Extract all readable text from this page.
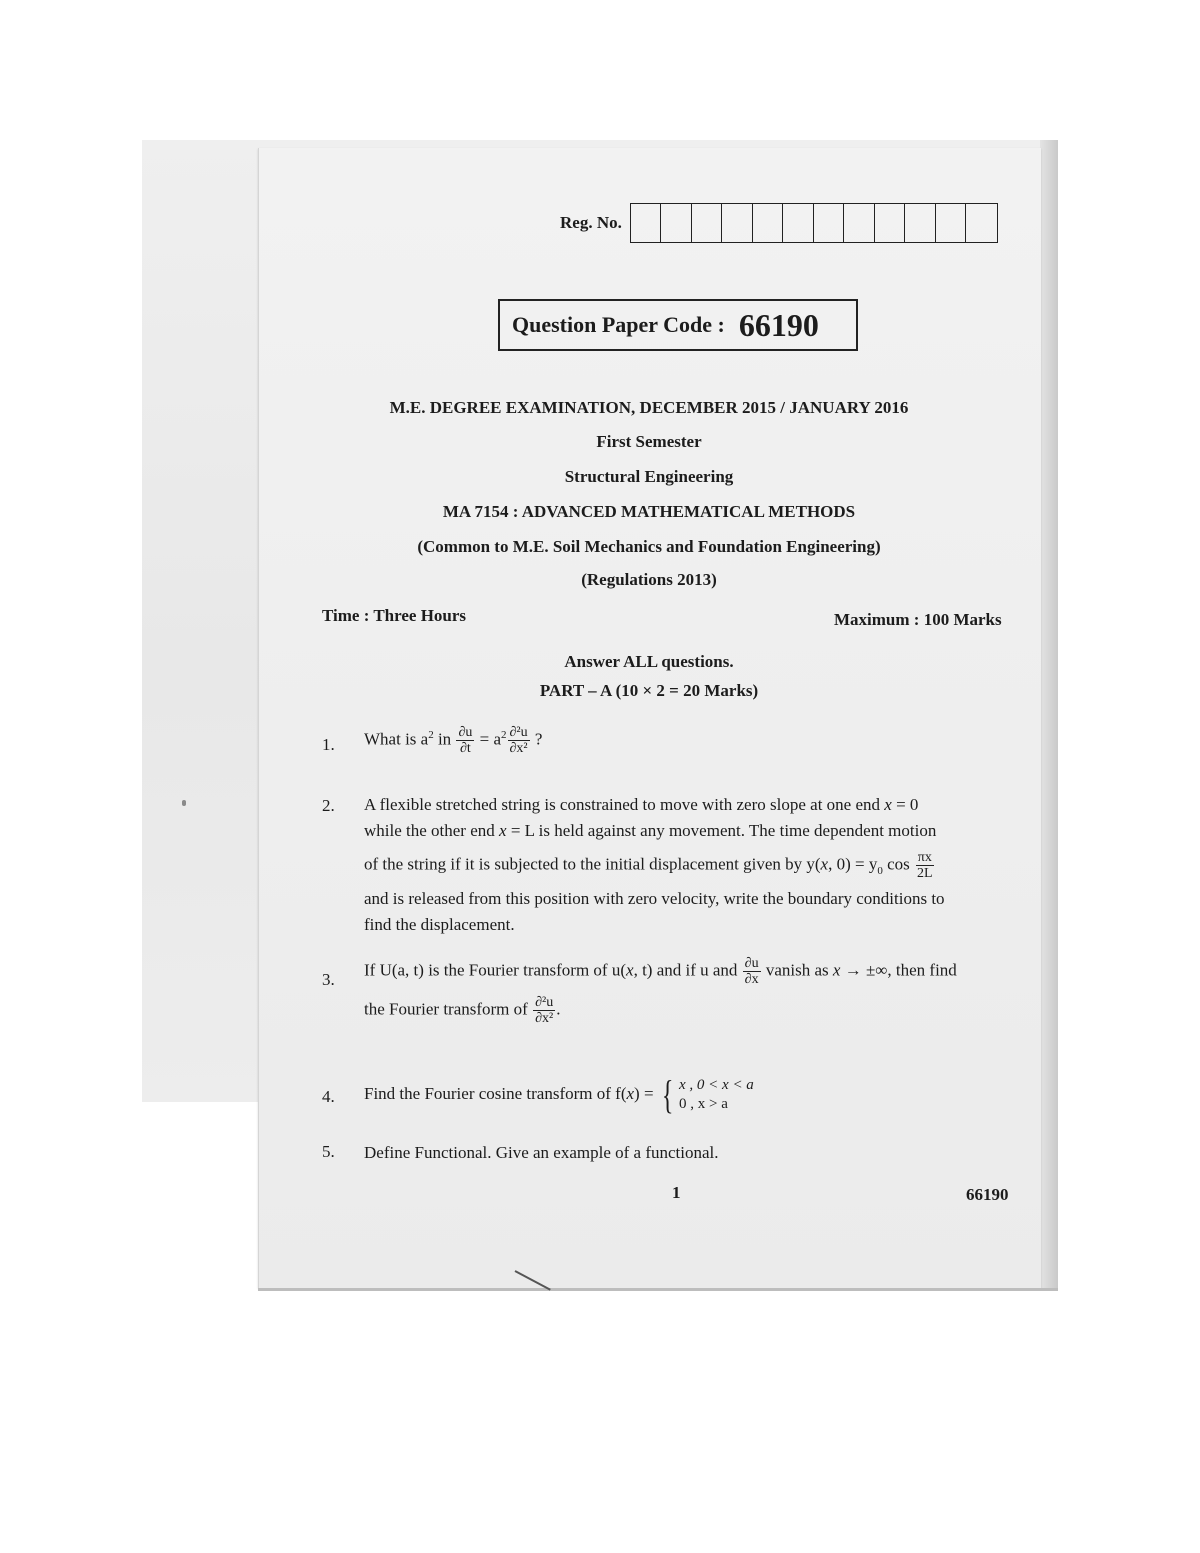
Reg. No.
Question Paper Code : 66190
M.E. DEGREE EXAMINATION, DECEMBER 2015 / JANUARY 2016
First Semester
Structural Engineering
MA 7154 : ADVANCED MATHEMATICAL METHODS
(Common to M.E. Soil Mechanics and Foundation Engineering)
(Regulations 2013)
Time : Three Hours	Maximum : 100 Marks
Answer ALL questions.
PART – A (10 × 2 = 20 Marks)
1. What is $a^2$ in $\frac{\partial u}{\partial t} = a^2 \frac{\text{∂²u}}{\text{∂x²}}$ ?
2. A flexible stretched string is constrained to move with zero slope at one end x = 0
while the other end x = L is held against any movement. The time dependent motion
of the string if it is subjected to the initial displacement given by y(x, $0) = y_0$ $\cos \frac{\pi x}{2L}$
and is released from this position with zero velocity, write the boundary conditions to
find the displacement.
3.
If U(a, t) is the Fourier transform of u(x, t) and if u and $\frac{\partial u}{\partial x}$ vanish as x → ±∞, then find
the Fourier transform of $\frac{\text{∂²u}}{\text{∂x²}}$ .
4. Find the Fourier cosine transform of f(x) = { x , 0 < x < a
0 , x > a
5. Define Functional. Give an example of a functional.
1	66190
